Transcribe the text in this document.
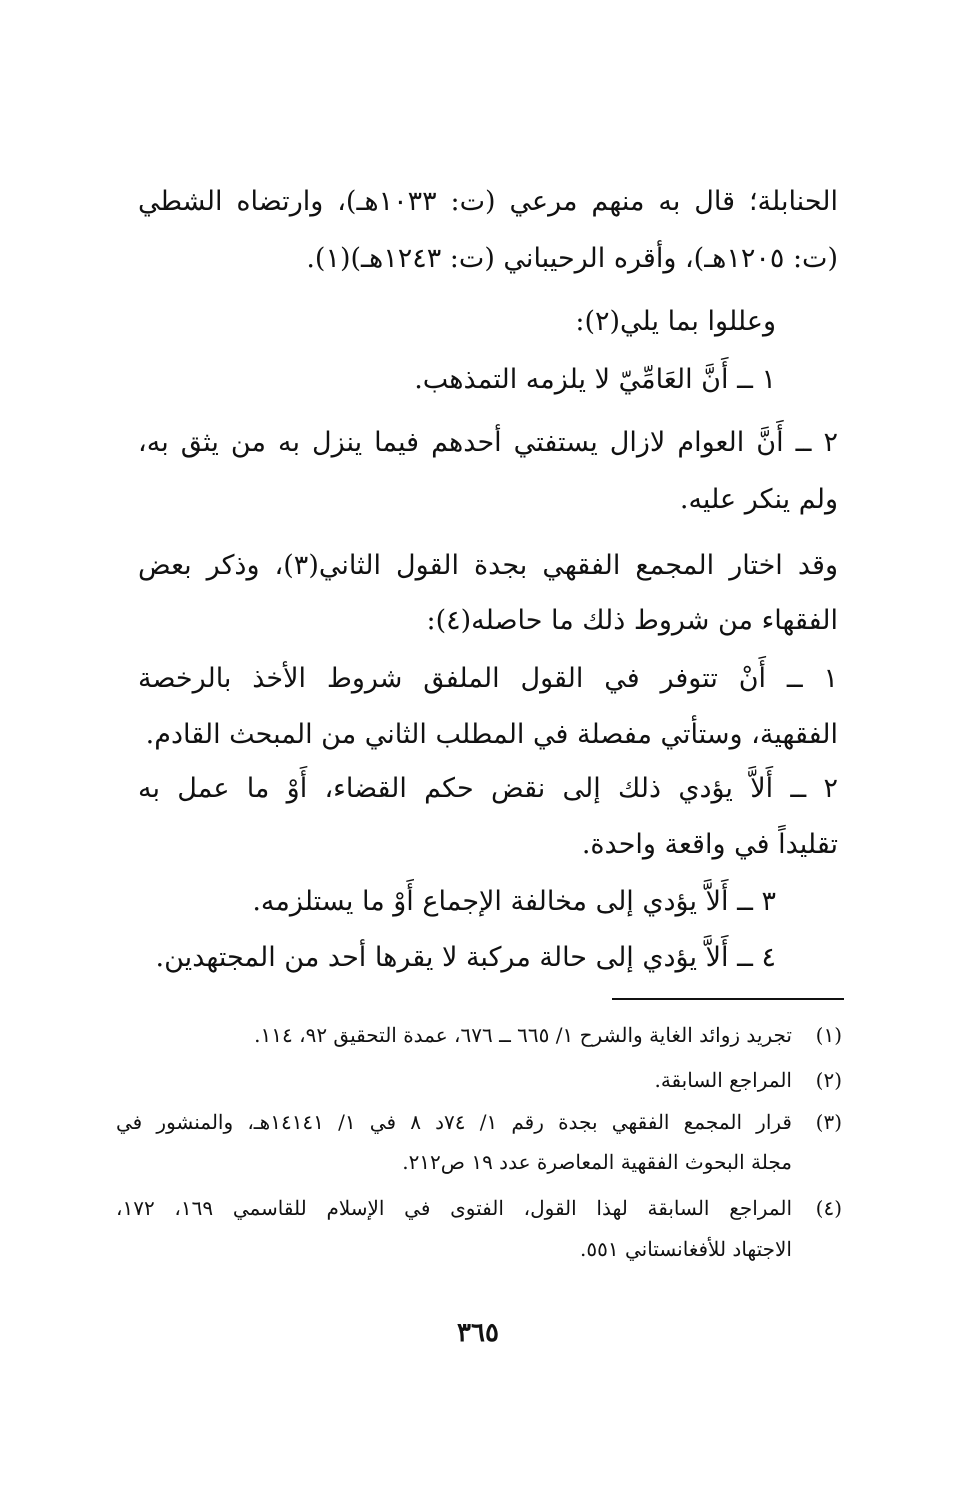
الحنابلة؛ قال به منهم مرعي (ت: ١٠٣٣هـ)، وارتضاه الشطي
(ت: ١٢٠٥هـ)، وأقره الرحيباني (ت: ١٢٤٣هـ)(١).
وعللوا بما يلي(٢):
١ ــ أَنَّ العَامِّيّ لا يلزمه التمذهب.
٢ ــ أَنَّ العوام لازال يستفتي أحدهم فيما ينزل به من يثق به،
ولم ينكر عليه.
وقد اختار المجمع الفقهي بجدة القول الثاني(٣)، وذكر بعض
الفقهاء من شروط ذلك ما حاصله(٤):
١ ــ أَنْ تتوفر في القول الملفق شروط الأخذ بالرخصة
الفقهية، وستأتي مفصلة في المطلب الثاني من المبحث القادم.
٢ ــ أَلاَّ يؤدي ذلك إلى نقض حكم القضاء، أَوْ ما عمل به
تقليداً في واقعة واحدة.
٣ ــ أَلاَّ يؤدي إلى مخالفة الإجماع أَوْ ما يستلزمه.
٤ ــ أَلاَّ يؤدي إلى حالة مركبة لا يقرها أحد من المجتهدين.
(١)
تجريد زوائد الغاية والشرح ١/ ٦٦٥ ــ ٦٧٦، عمدة التحقيق ٩٢، ١١٤.
(٢)
المراجع السابقة.
(٣)
قرار المجمع الفقهي بجدة رقم ١/ ٧٤د ٨ في ١/ ١٤١٤١هـ، والمنشور في
مجلة البحوث الفقهية المعاصرة عدد ١٩ ص٢١٢.
(٤)
المراجع السابقة لهذا القول، الفتوى في الإسلام للقاسمي ١٦٩، ١٧٢،
الاجتهاد للأفغانستاني ٥٥١.
٣٦٥
